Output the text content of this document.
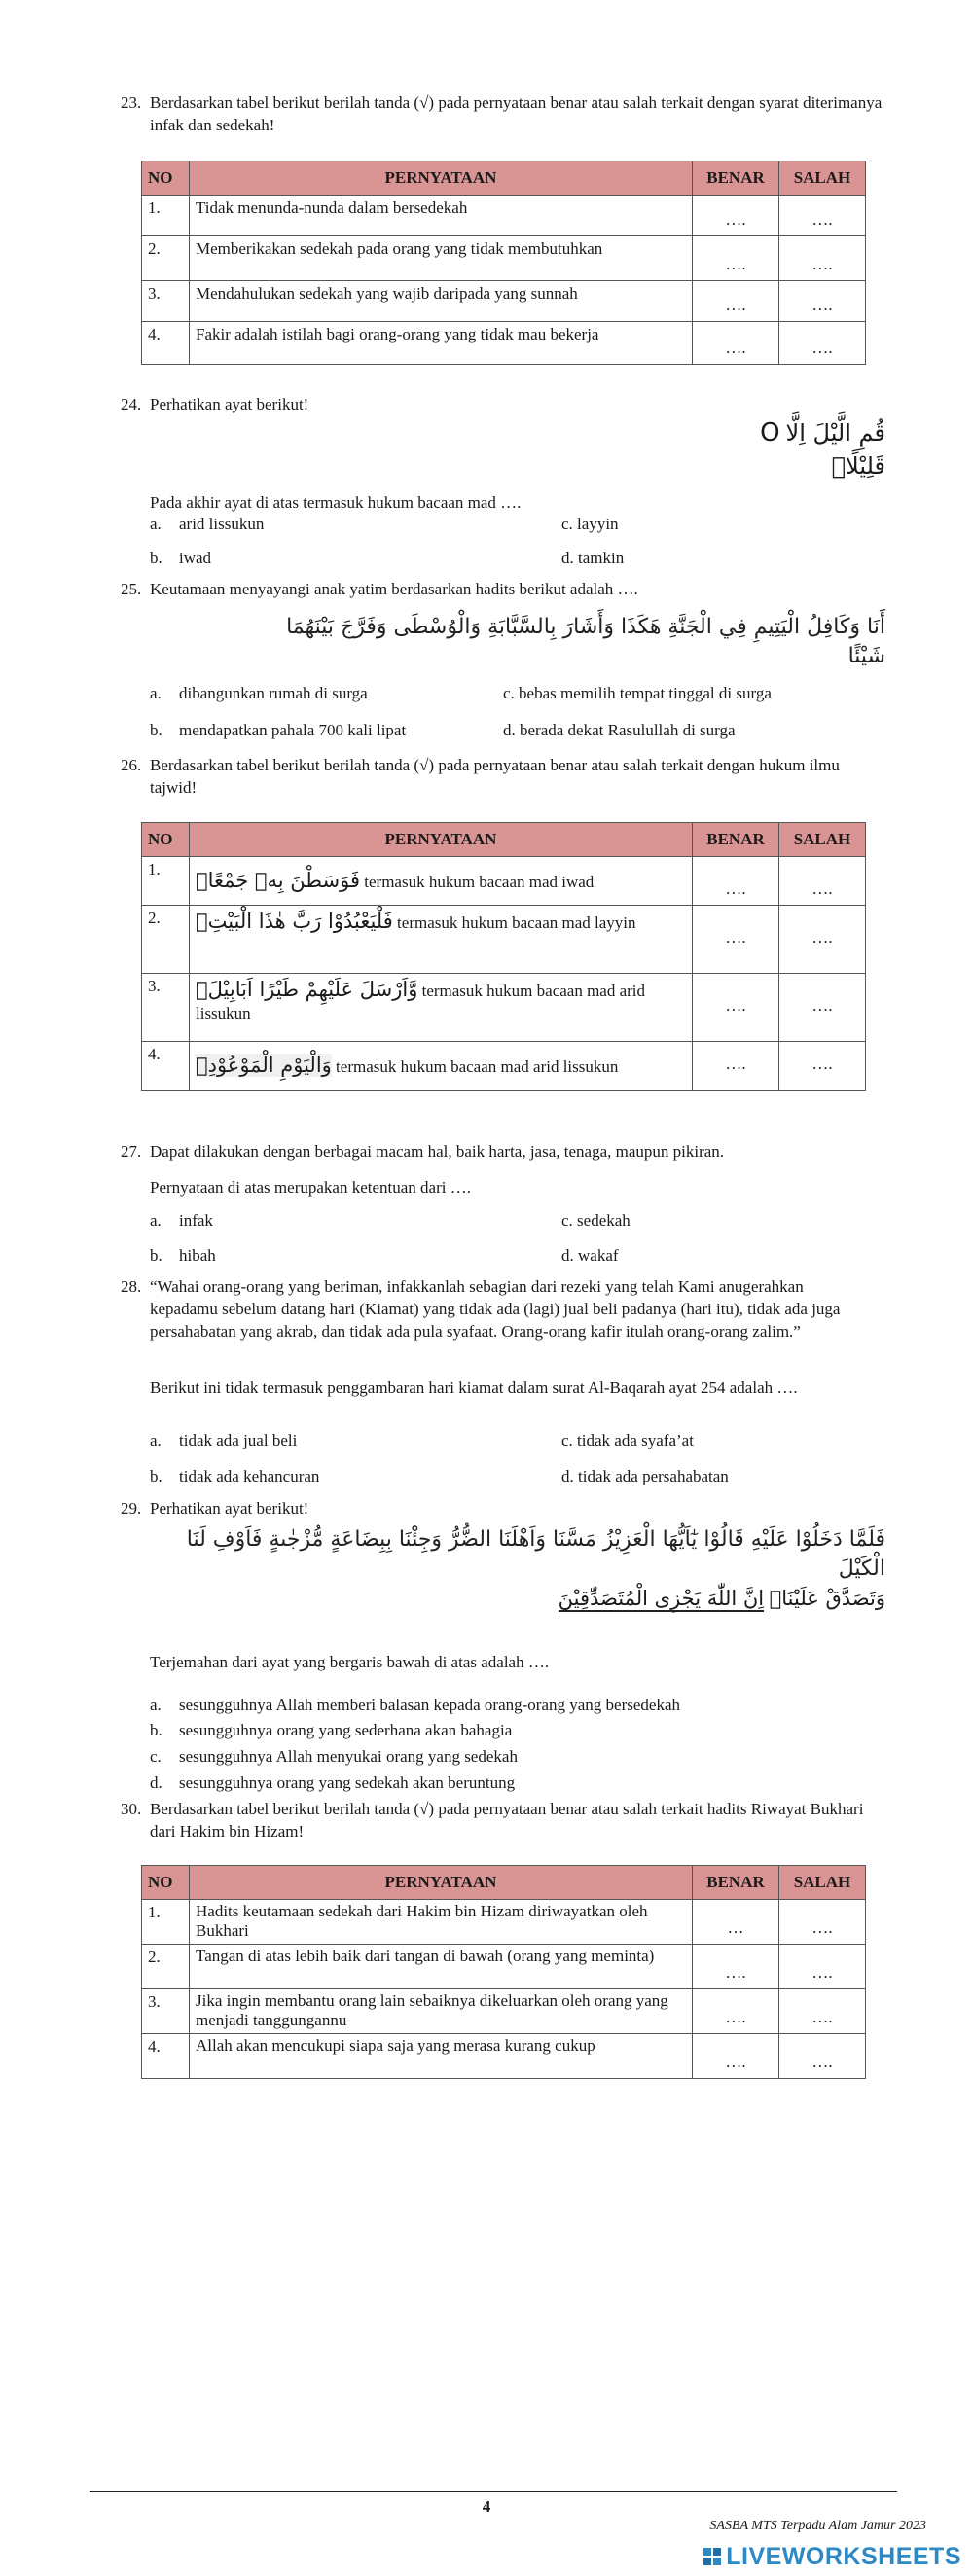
23. Berdasarkan tabel berikut berilah tanda (√) pada pernyataan benar atau salah terkait dengan syarat diterimanya infak dan sedekah!
NO	PERNYATAAN	BENAR	SALAH
1.	Tidak menunda-nunda dalam bersedekah	….	….
2.	Memberikakan sedekah pada orang yang tidak membutuhkan	….	….
3.	Mendahulukan sedekah yang wajib daripada yang sunnah	….	….
4.	Fakir adalah istilah bagi orang-orang yang tidak mau bekerja	….	….
24. Perhatikan ayat berikut!
O قُمِ الَّيْلَ اِلَّا قَلِيْلًاۙ
Pada akhir ayat di atas termasuk hukum bacaan mad ….
a. arid lissukun	c. layyin
b. iwad	d. tamkin
25. Keutamaan menyayangi anak yatim berdasarkan hadits berikut adalah ….
أَنَا وَكَافِلُ الْيَتِيمِ فِي الْجَنَّةِ هَكَذَا وَأَشَارَ بِالسَّبَّابَةِ وَالْوُسْطَى وَفَرَّجَ بَيْنَهُمَا شَيْئًا
a. dibangunkan rumah di surga	c. bebas memilih tempat tinggal di surga
b. mendapatkan pahala 700 kali lipat	d. berada dekat Rasulullah di surga
26. Berdasarkan tabel berikut berilah tanda (√) pada pernyataan benar atau salah terkait dengan hukum ilmu tajwid!
NO	PERNYATAAN	BENAR	SALAH
1.	فَوَسَطْنَ بِهٖ جَمْعًاۙ termasuk hukum bacaan mad iwad	….	….
2.	فَلْيَعْبُدُوْا رَبَّ هٰذَا الْبَيْتِۙ termasuk hukum bacaan mad layyin	….	….
3.	وَّاَرْسَلَ عَلَيْهِمْ طَيْرًا اَبَابِيْلَۙ termasuk hukum bacaan mad arid lissukun	….	….
4.	وَالْيَوْمِ الْمَوْعُوْدِۙ termasuk hukum bacaan mad arid lissukun	….	….
27. Dapat dilakukan dengan berbagai macam hal, baik harta, jasa, tenaga, maupun pikiran.
Pernyataan di atas merupakan ketentuan dari ….
a. infak	c. sedekah
b. hibah	d. wakaf
28. “Wahai orang-orang yang beriman, infakkanlah sebagian dari rezeki yang telah Kami anugerahkan kepadamu sebelum datang hari (Kiamat) yang tidak ada (lagi) jual beli padanya (hari itu), tidak ada juga persahabatan yang akrab, dan tidak ada pula syafaat. Orang-orang kafir itulah orang-orang zalim.”
Berikut ini tidak termasuk penggambaran hari kiamat dalam surat Al-Baqarah ayat 254 adalah ….
a. tidak ada jual beli	c. tidak ada syafa’at
b. tidak ada kehancuran	d. tidak ada persahabatan
29. Perhatikan ayat berikut!
فَلَمَّا دَخَلُوْا عَلَيْهِ قَالُوْا يٰٓاَيُّهَا الْعَزِيْزُ مَسَّنَا وَاَهْلَنَا الضُّرُّ وَجِئْنَا بِبِضَاعَةٍ مُّزْجٰىةٍ فَاَوْفِ لَنَا الْكَيْلَ
وَتَصَدَّقْ عَلَيْنَاۗ اِنَّ اللّٰهَ يَجْزِى الْمُتَصَدِّقِيْنَ
Terjemahan dari ayat yang bergaris bawah di atas adalah ….
a. sesungguhnya Allah memberi balasan kepada orang-orang yang bersedekah
b. sesungguhnya orang yang sederhana akan bahagia
c. sesungguhnya Allah menyukai orang yang sedekah
d. sesungguhnya orang yang sedekah akan beruntung
30. Berdasarkan tabel berikut berilah tanda (√) pada pernyataan benar atau salah terkait hadits Riwayat Bukhari dari Hakim bin Hizam!
NO	PERNYATAAN	BENAR	SALAH
1.	Hadits keutamaan sedekah dari Hakim bin Hizam diriwayatkan oleh Bukhari	…	….
2.	Tangan di atas lebih baik dari tangan di bawah (orang yang meminta)	….	….
3.	Jika ingin membantu orang lain sebaiknya dikeluarkan oleh orang yang menjadi tanggungannu	….	….
4.	Allah akan mencukupi siapa saja yang merasa kurang cukup	….	….
4
SASBA MTS Terpadu Alam Jamur 2023
LIVEWORKSHEETS
